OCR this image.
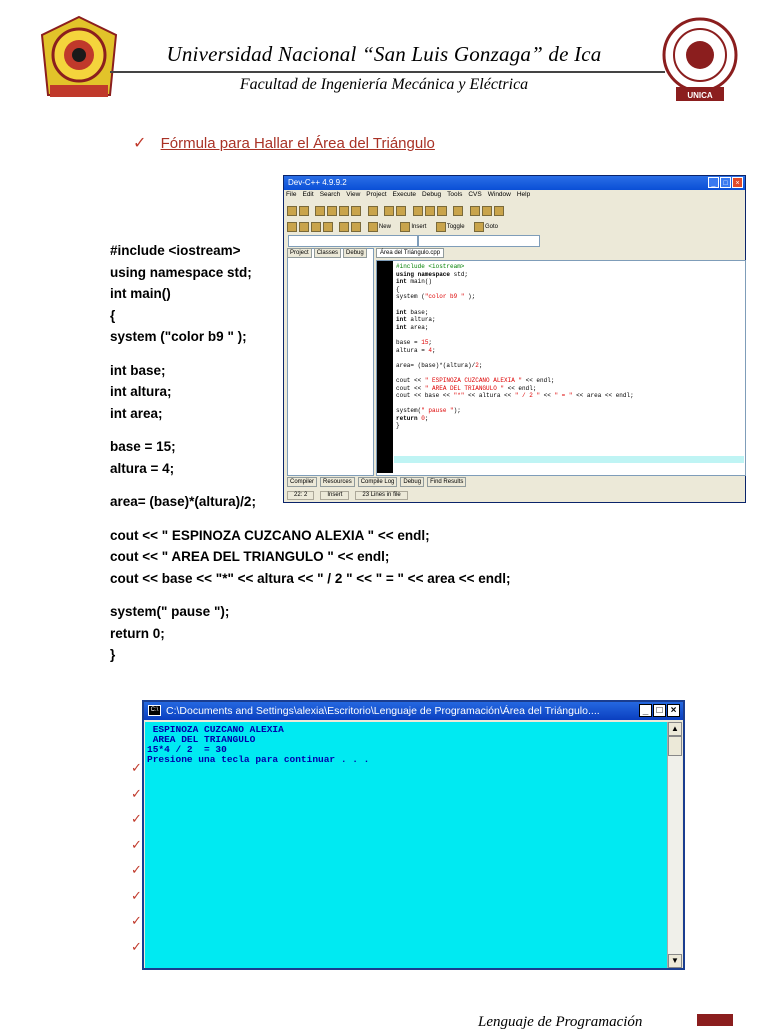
Universidad Nacional “San Luis Gonzaga” de Ica
Facultad de Ingeniería Mecánica y Eléctrica
UNICA
✓ Fórmula para Hallar el Área del Triángulo
#include <iostream>
using namespace std;
int main()
{
system ("color b9 " );
int base;
int altura;
int area;
base = 15;
altura = 4;
area= (base)*(altura)/2;
cout << " ESPINOZA CUZCANO ALEXIA " << endl;
cout << " AREA DEL TRIANGULO " << endl;
cout << base << "*" << altura << " / 2 " << " = " << area << endl;
system(" pause ");
return 0;
}
Dev-C++ 4.9.9.2	_	□	×
File Edit Search View Project Execute Debug Tools CVS Window Help

New	Insert	Toggle	Goto
Project	Classes	Debug	Área del Triángulo.cpp
#include <iostream>
using namespace std;
int main()
{
system ("color b9 " );

int base;
int altura;
int area;

base = 15;
altura = 4;

area= (base)*(altura)/2;

cout << " ESPINOZA CUZCANO ALEXIA " << endl;
cout << " AREA DEL TRIANGULO " << endl;
cout << base << "*" << altura << " / 2 " << " = " << area << endl;

system(" pause ");
return 0;
}
Compiler	Resources	Compile Log	Debug	Find Results
22: 2	Insert	23 Lines in file
✓
✓
✓
✓
✓
✓
✓
✓
C:\ C:\Documents and Settings\alexia\Escritorio\Lenguaje de Programación\Área del Triángulo....	_ □ ×
ESPINOZA CUZCANO ALEXIA
AREA DEL TRIANGULO
15*4 / 2  = 30
Presione una tecla para continuar . . .
▲
▼
Lenguaje de Programación
